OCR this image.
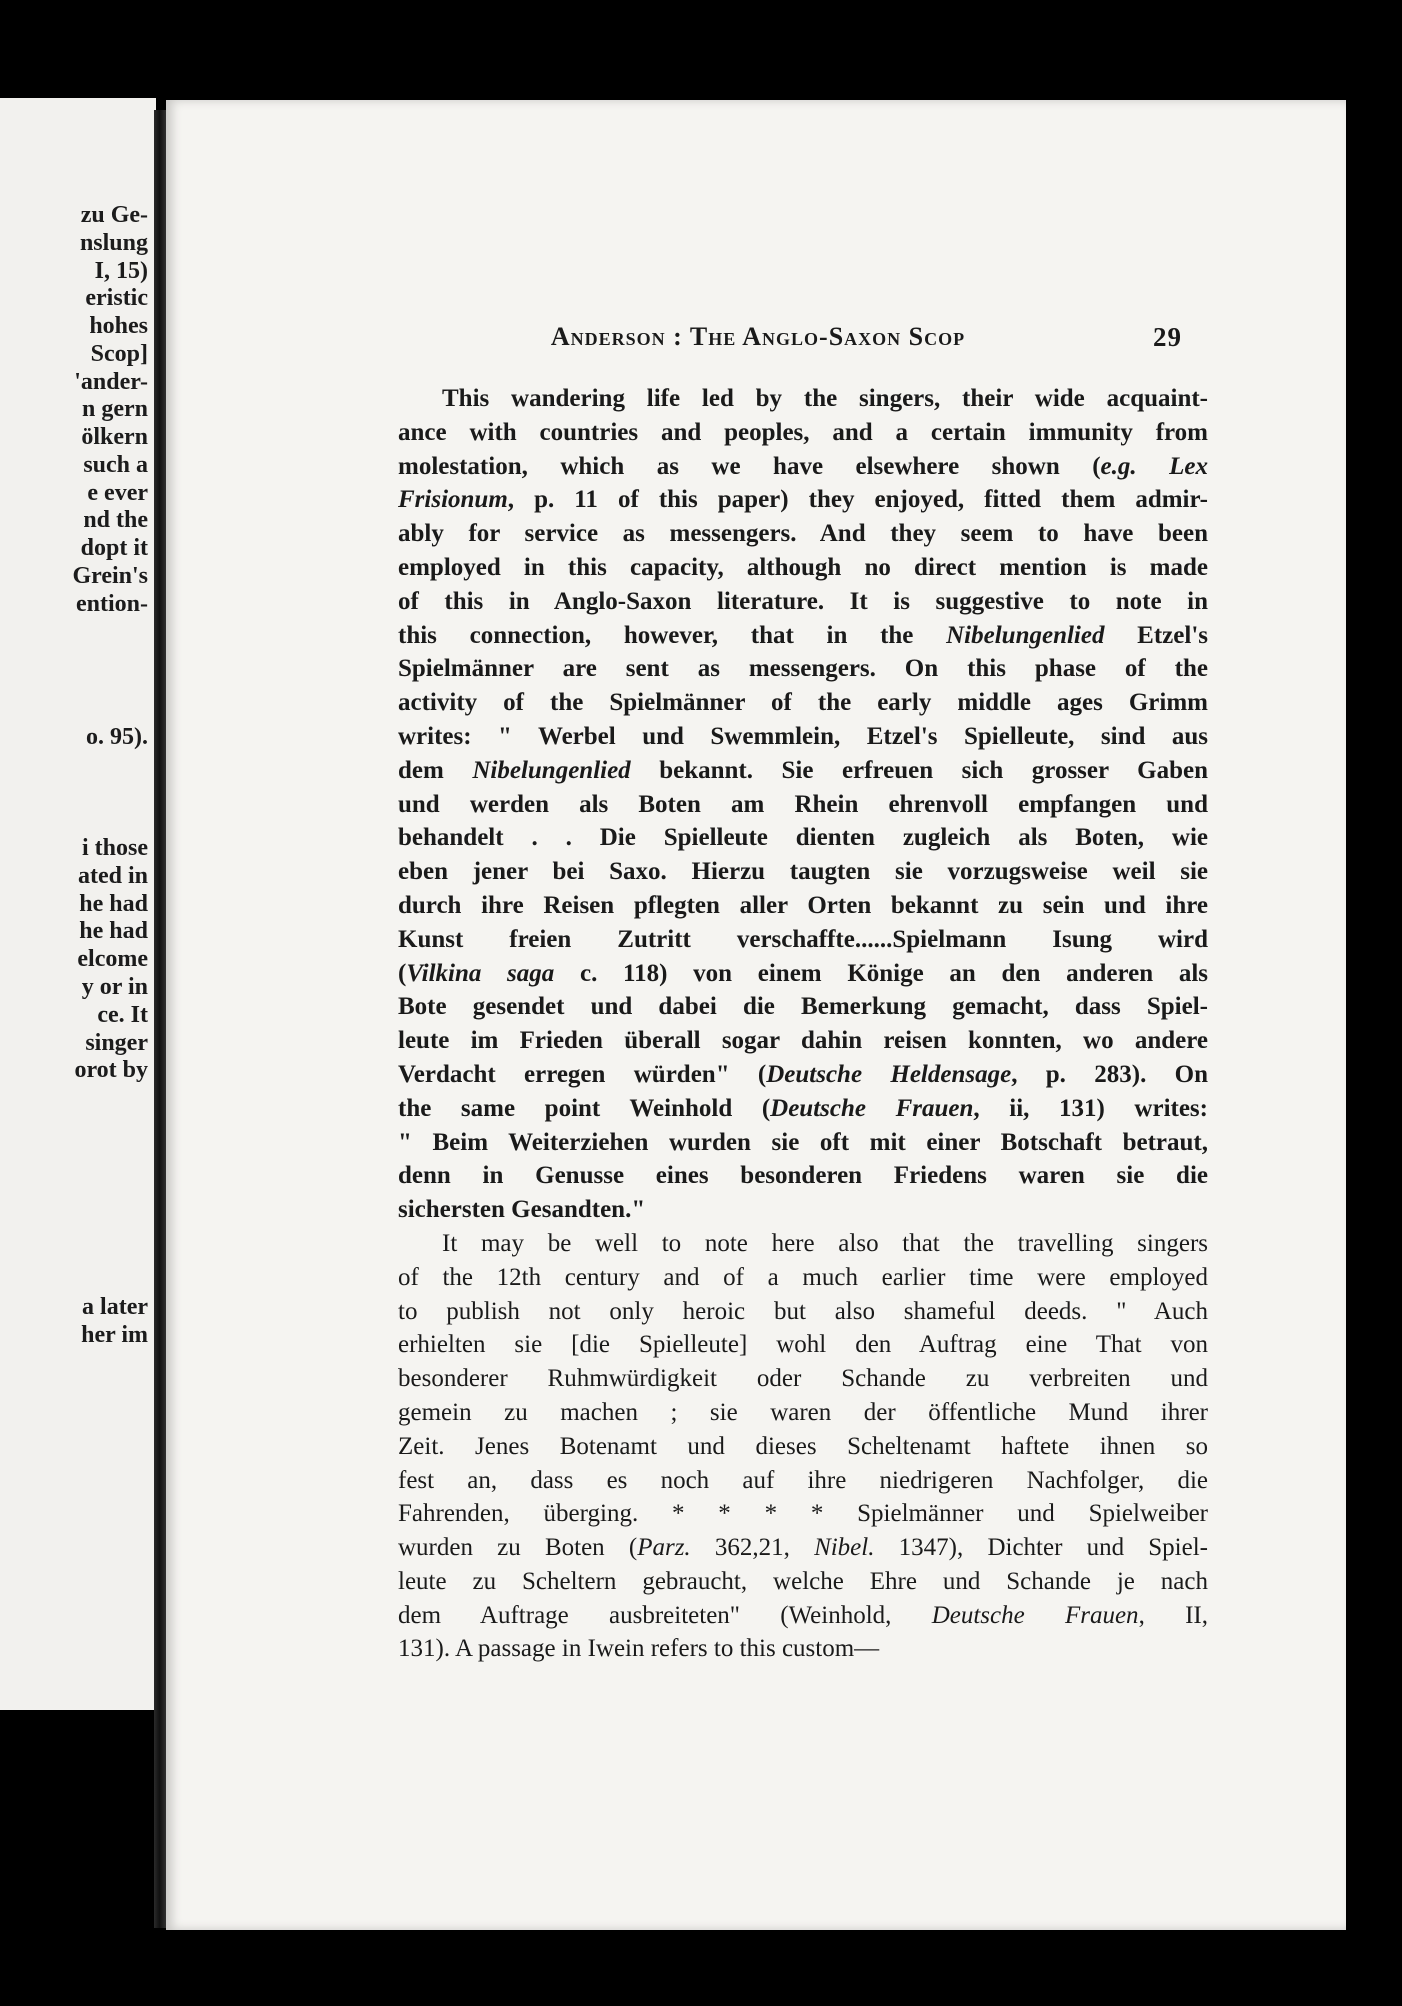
zu Ge-
nslung
I, 15)
eristic
hohes
Scop]
'ander-
n gern
ölkern
such a
e ever
nd the
dopt it
Grein's
ention-
o. 95).
i those
ated in
he had
he had
elcome
y or in
ce. It
singer
orot by
a later
her im
Anderson : The Anglo-Saxon Scop	29
This wandering life led by the singers, their wide acquaint-
ance with countries and peoples, and a certain immunity from
molestation, which as we have elsewhere shown (e.g. Lex
Frisionum, p. 11 of this paper) they enjoyed, fitted them admir-
ably for service as messengers. And they seem to have been
employed in this capacity, although no direct mention is made
of this in Anglo-Saxon literature. It is suggestive to note in
this connection, however, that in the Nibelungenlied Etzel's
Spielmänner are sent as messengers. On this phase of the
activity of the Spielmänner of the early middle ages Grimm
writes: " Werbel und Swemmlein, Etzel's Spielleute, sind aus
dem Nibelungenlied bekannt. Sie erfreuen sich grosser Gaben
und werden als Boten am Rhein ehrenvoll empfangen und
behandelt . . Die Spielleute dienten zugleich als Boten, wie
eben jener bei Saxo. Hierzu taugten sie vorzugsweise weil sie
durch ihre Reisen pflegten aller Orten bekannt zu sein und ihre
Kunst freien Zutritt verschaffte......Spielmann Isung wird
(Vilkina saga c. 118) von einem Könige an den anderen als
Bote gesendet und dabei die Bemerkung gemacht, dass Spiel-
leute im Frieden überall sogar dahin reisen konnten, wo andere
Verdacht erregen würden" (Deutsche Heldensage, p. 283). On
the same point Weinhold (Deutsche Frauen, ii, 131) writes:
" Beim Weiterziehen wurden sie oft mit einer Botschaft betraut,
denn in Genusse eines besonderen Friedens waren sie die
sichersten Gesandten."
It may be well to note here also that the travelling singers
of the 12th century and of a much earlier time were employed
to publish not only heroic but also shameful deeds. " Auch
erhielten sie [die Spielleute] wohl den Auftrag eine That von
besonderer Ruhmwürdigkeit oder Schande zu verbreiten und
gemein zu machen ; sie waren der öffentliche Mund ihrer
Zeit. Jenes Botenamt und dieses Scheltenamt haftete ihnen so
fest an, dass es noch auf ihre niedrigeren Nachfolger, die
Fahrenden, überging. * * * * Spielmänner und Spielweiber
wurden zu Boten (Parz. 362,21, Nibel. 1347), Dichter und Spiel-
leute zu Scheltern gebraucht, welche Ehre und Schande je nach
dem Auftrage ausbreiteten" (Weinhold, Deutsche Frauen, II,
131). A passage in Iwein refers to this custom—
